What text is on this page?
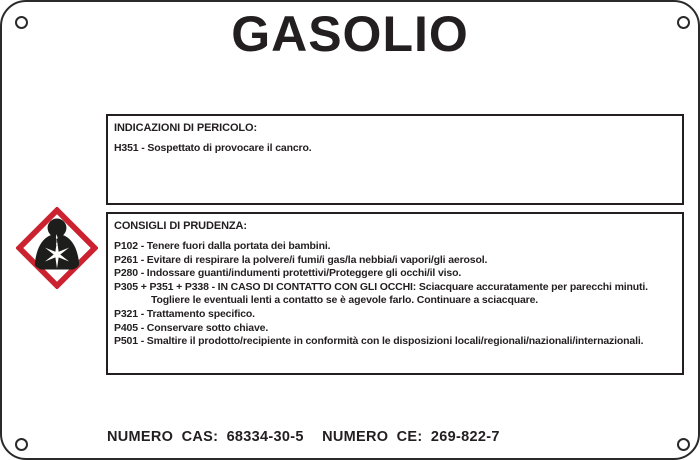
GASOLIO
INDICAZIONI DI PERICOLO:
H351 - Sospettato di provocare il cancro.
CONSIGLI DI PRUDENZA:
P102 - Tenere fuori dalla portata dei bambini.
P261 - Evitare di respirare la polvere/i fumi/i gas/la nebbia/i vapori/gli aerosol.
P280 - Indossare guanti/indumenti protettivi/Proteggere gli occhi/il viso.
P305 + P351 + P338 - IN CASO DI CONTATTO CON GLI OCCHI: Sciacquare accuratamente per parecchi minuti. Togliere le eventuali lenti a contatto se è agevole farlo. Continuare a sciacquare.
P321 - Trattamento specifico.
P405 - Conservare sotto chiave.
P501 - Smaltire il prodotto/recipiente in conformità con le disposizioni locali/regionali/nazionali/internazionali.
NUMERO CAS: 68334-30-5 NUMERO CE: 269-822-7
